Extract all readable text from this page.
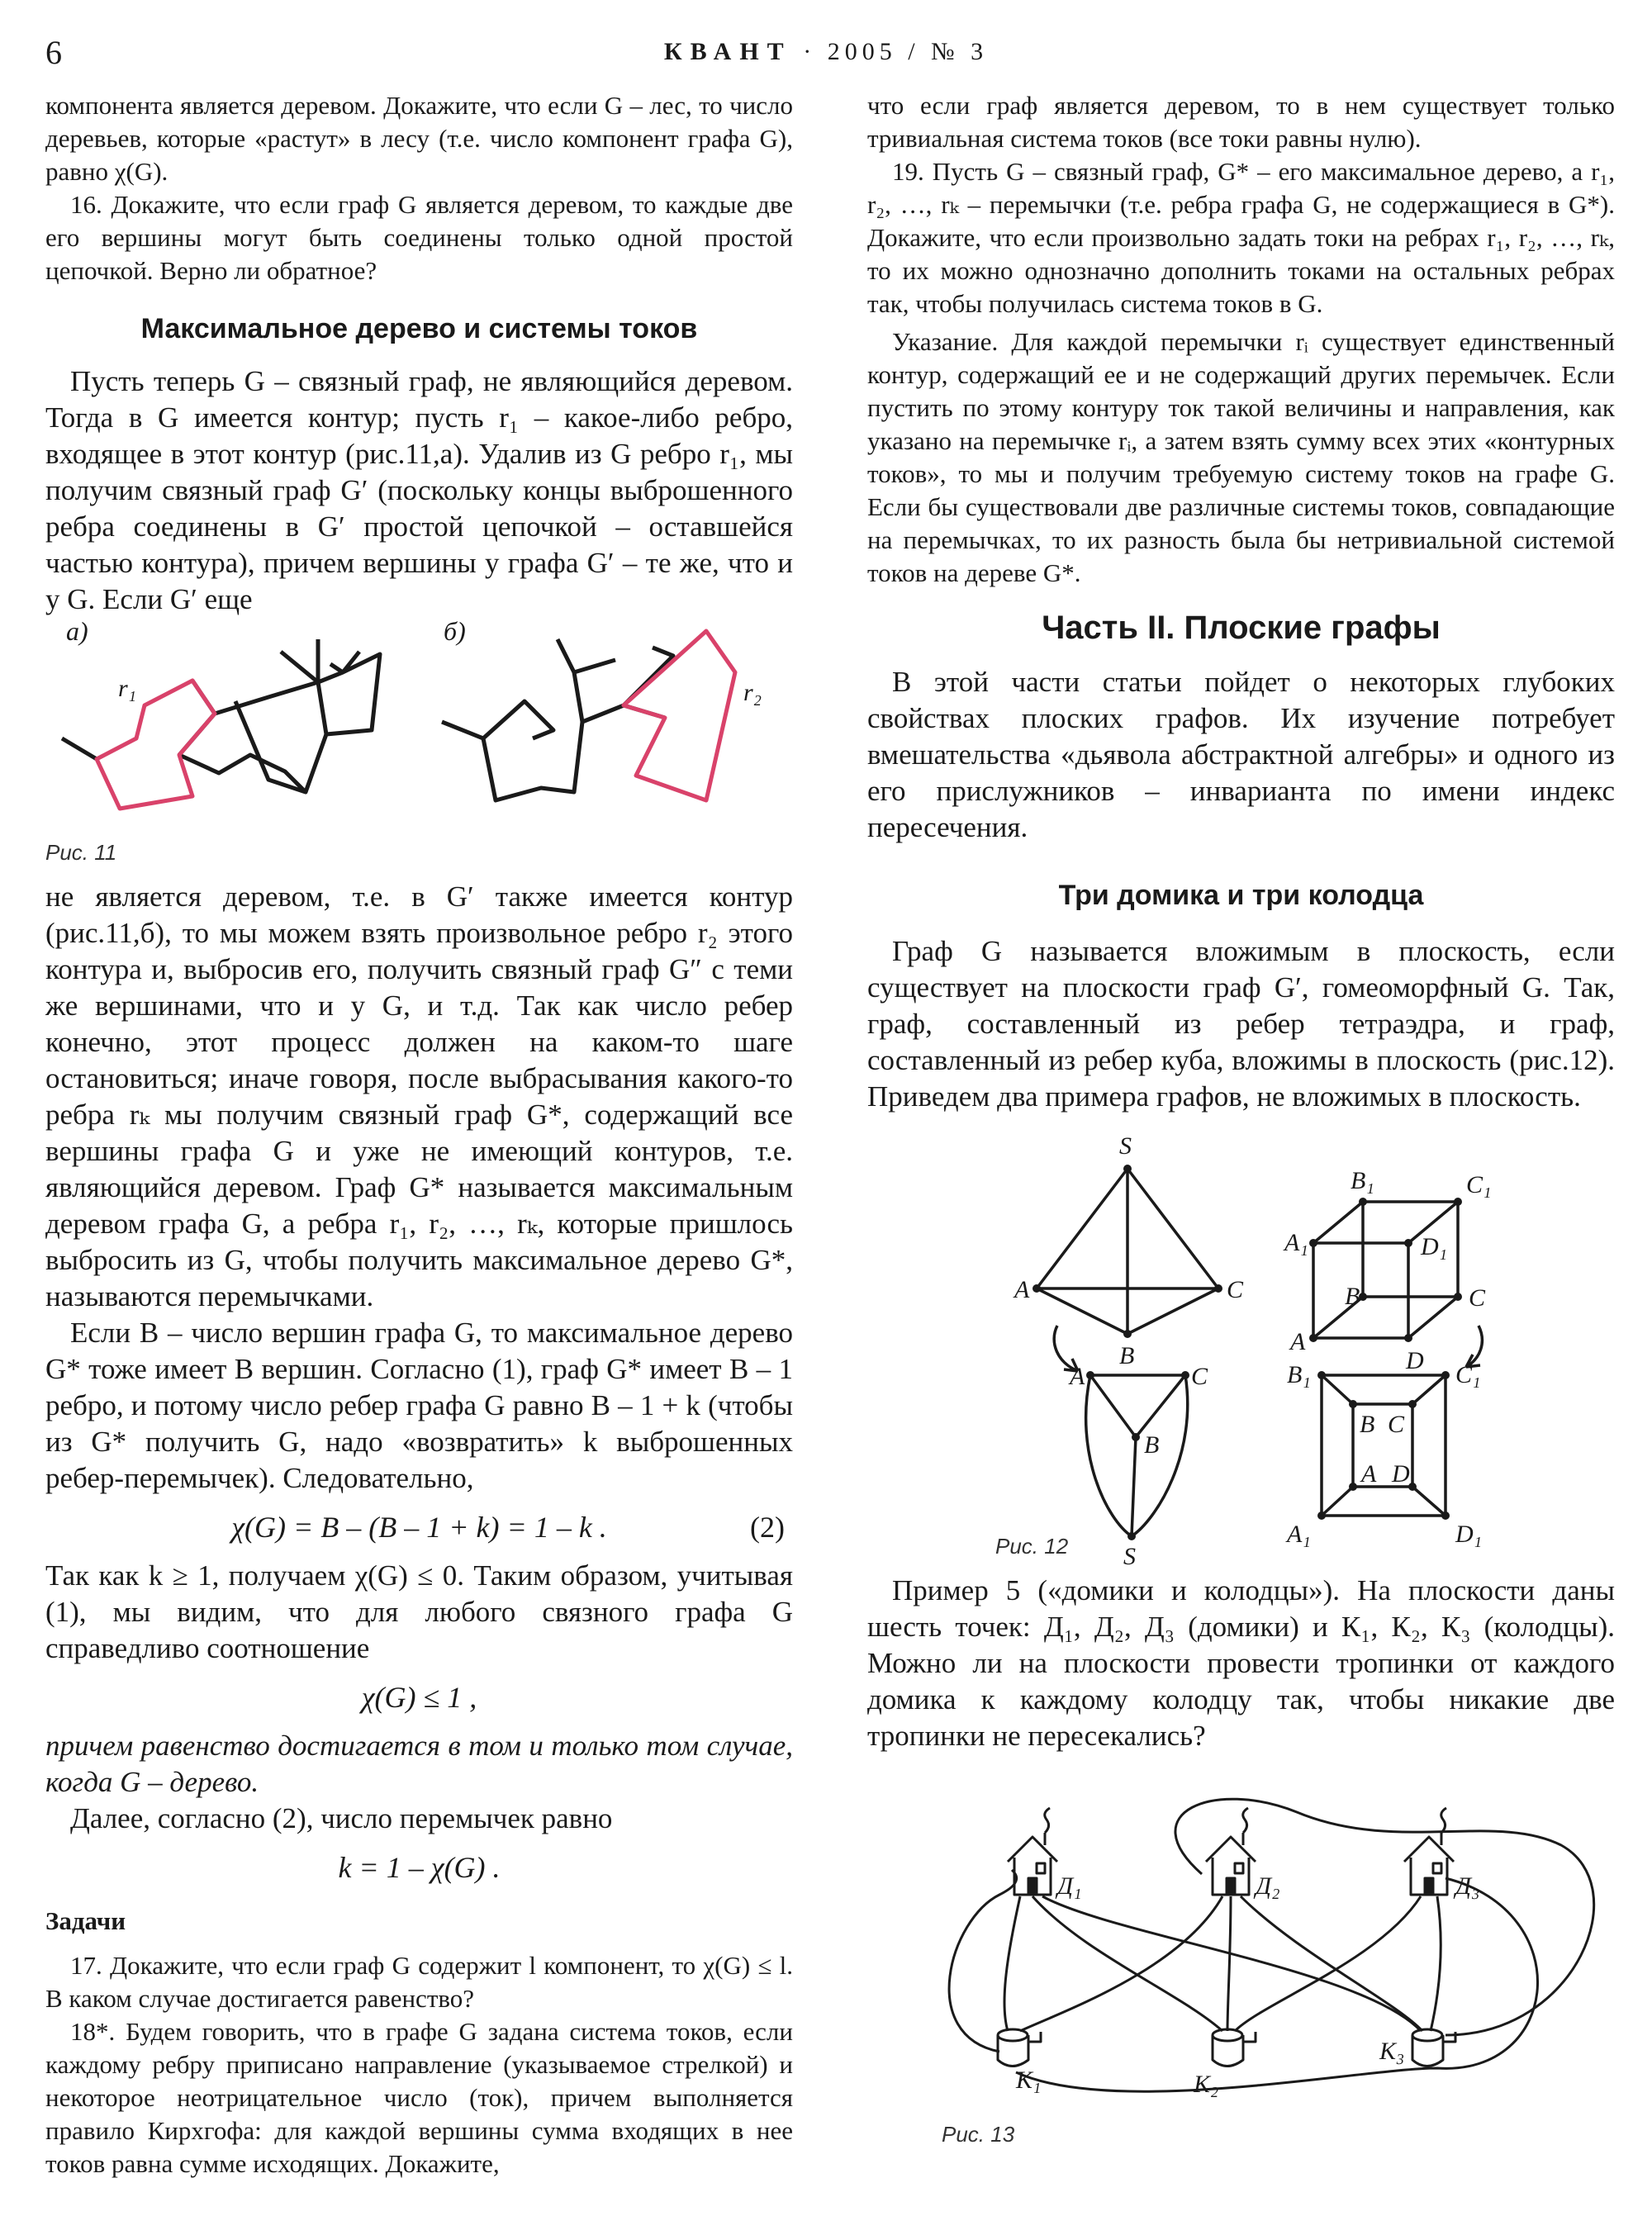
6	КВАНТ · 2005 / № 3

компонента является деревом. Докажите, что если G – лес, то число деревьев, которые «растут» в лесу (т.е. число компонент графа G), равно χ(G).

16. Докажите, что если граф G является деревом, то каждые две его вершины могут быть соединены только одной простой цепочкой. Верно ли обратное?

Максимальное дерево и системы токов

Пусть теперь G – связный граф, не являющийся деревом. Тогда в G имеется контур; пусть r₁ – какое-либо ребро, входящее в этот контур (рис.11,а). Удалив из G ребро r₁, мы получим связный граф G′ (поскольку концы выброшенного ребра соединены в G′ простой цепочкой – оставшейся частью контура), причем вершины у графа G′ – те же, что и у G. Если G′ еще

а)	б)
r₁	r₂
Рис. 11

не является деревом, т.е. в G′ также имеется контур (рис.11,б), то мы можем взять произвольное ребро r₂ этого контура и, выбросив его, получить связный граф G″ с теми же вершинами, что и у G, и т.д. Так как число ребер конечно, этот процесс должен на каком-то шаге остановиться; иначе говоря, после выбрасывания какого-то ребра rₖ мы получим связный граф G*, содержащий все вершины графа G и уже не имеющий контуров, т.е. являющийся деревом. Граф G* называется максимальным деревом графа G, а ребра r₁, r₂, …, rₖ, которые пришлось выбросить из G, чтобы получить максимальное дерево G*, называются перемычками.

Если В – число вершин графа G, то максимальное дерево G* тоже имеет В вершин. Согласно (1), граф G* имеет В – 1 ребро, и потому число ребер графа G равно В – 1 + k (чтобы из G* получить G, надо «возвратить» k выброшенных ребер-перемычек). Следовательно,

χ(G) = В – (В – 1 + k) = 1 – k .	(2)

Так как k ≥ 1, получаем χ(G) ≤ 0. Таким образом, учитывая (1), мы видим, что для любого связного графа G справедливо соотношение

χ(G) ≤ 1 ,

причем равенство достигается в том и только том случае, когда G – дерево.

Далее, согласно (2), число перемычек равно

k = 1 – χ(G) .
Задачи

17. Докажите, что если граф G содержит l компонент, то χ(G) ≤ l. В каком случае достигается равенство?

18*. Будем говорить, что в графе G задана система токов, если каждому ребру приписано направление (указываемое стрелкой) и некоторое неотрицательное число (ток), причем выполняется правило Кирхгофа: для каждой вершины сумма входящих в нее токов равна сумме исходящих. Докажите,

что если граф является деревом, то в нем существует только тривиальная система токов (все токи равны нулю).

19. Пусть G – связный граф, G* – его максимальное дерево, а r₁, r₂, …, rₖ – перемычки (т.е. ребра графа G, не содержащиеся в G*). Докажите, что если произвольно задать токи на ребрах r₁, r₂, …, rₖ, то их можно однозначно дополнить токами на остальных ребрах так, чтобы получилась система токов в G.

Указание. Для каждой перемычки rᵢ существует единственный контур, содержащий ее и не содержащий других перемычек. Если пустить по этому контуру ток такой величины и направления, как указано на перемычке rᵢ, а затем взять сумму всех этих «контурных токов», то мы и получим требуемую систему токов на графе G. Если бы существовали две различные системы токов, совпадающие на перемычках, то их разность была бы нетривиальной системой токов на дереве G*.

Часть II. Плоские графы

В этой части статьи пойдет о некоторых глубоких свойствах плоских графов. Их изучение потребует вмешательства «дьявола абстрактной алгебры» и одного из его прислужников – инварианта по имени индекс пересечения.

Три домика и три колодца

Граф G называется вложимым в плоскость, если существует на плоскости граф G′, гомеоморфный G. Так, граф, составленный из ребер тетраэдра, и граф, составленный из ребер куба, вложимы в плоскость (рис.12). Приведем два примера графов, не вложимых в плоскость.

S
A	C
B
A₁
B₁	C₁
D₁
B	C
A
D
A	C
B
S
B₁	C₁
B C
A D
A₁	D₁
Рис. 12

Пример 5 («домики и колодцы»). На плоскости даны шесть точек: Д₁, Д₂, Д₃ (домики) и К₁, К₂, К₃ (колодцы). Можно ли на плоскости провести тропинки от каждого домика к каждому колодцу так, чтобы никакие две тропинки не пересекались?

Д₁	Д₂	Д₃
К₁	К₂
К₃
Рис. 13
